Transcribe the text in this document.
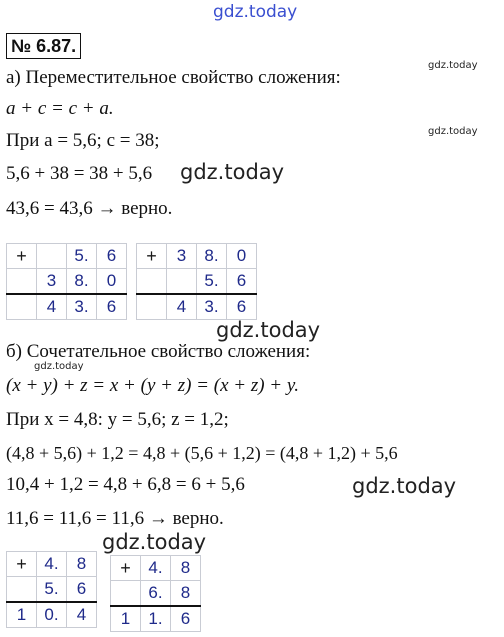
gdz.today
gdz.today
gdz.today
gdz.today
gdz.today
gdz.today
gdz.today
gdz.today
№ 6.87.
а) Переместительное свойство сложения:
a + c = c + a.
При a = 5,6; c = 38;
5,6 + 38 = 38 + 5,6
43,6 = 43,6 → верно.
+		5.	6
	3	8.	0
	4	3.	6
+	3	8.	0
		5.	6
	4	3.	6
б) Сочетательное свойство сложения:
(x + y) + z = x + (y + z) = (x + z) + y.
При x = 4,8: y = 5,6; z = 1,2;
(4,8 + 5,6) + 1,2 = 4,8 + (5,6 + 1,2) = (4,8 + 1,2) + 5,6
10,4 + 1,2 = 4,8 + 6,8 = 6 + 5,6
11,6 = 11,6 = 11,6 → верно.
+	4.	8
	5.	6
1	0.	4
+	4.	8
	6.	8
1	1.	6
